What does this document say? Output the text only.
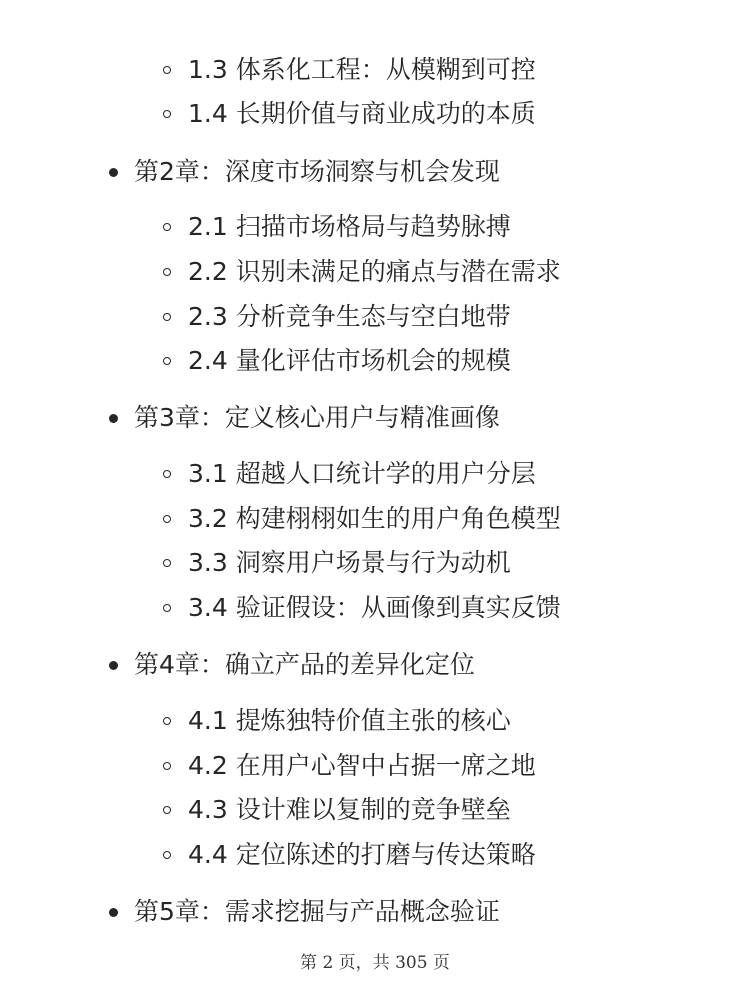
1.3 体系化工程：从模糊到可控
1.4 长期价值与商业成功的本质
第2章：深度市场洞察与机会发现
2.1 扫描市场格局与趋势脉搏
2.2 识别未满足的痛点与潜在需求
2.3 分析竞争生态与空白地带
2.4 量化评估市场机会的规模
第3章：定义核心用户与精准画像
3.1 超越人口统计学的用户分层
3.2 构建栩栩如生的用户角色模型
3.3 洞察用户场景与行为动机
3.4 验证假设：从画像到真实反馈
第4章：确立产品的差异化定位
4.1 提炼独特价值主张的核心
4.2 在用户心智中占据一席之地
4.3 设计难以复制的竞争壁垒
4.4 定位陈述的打磨与传达策略
第5章：需求挖掘与产品概念验证
第 2 页，共 305 页
